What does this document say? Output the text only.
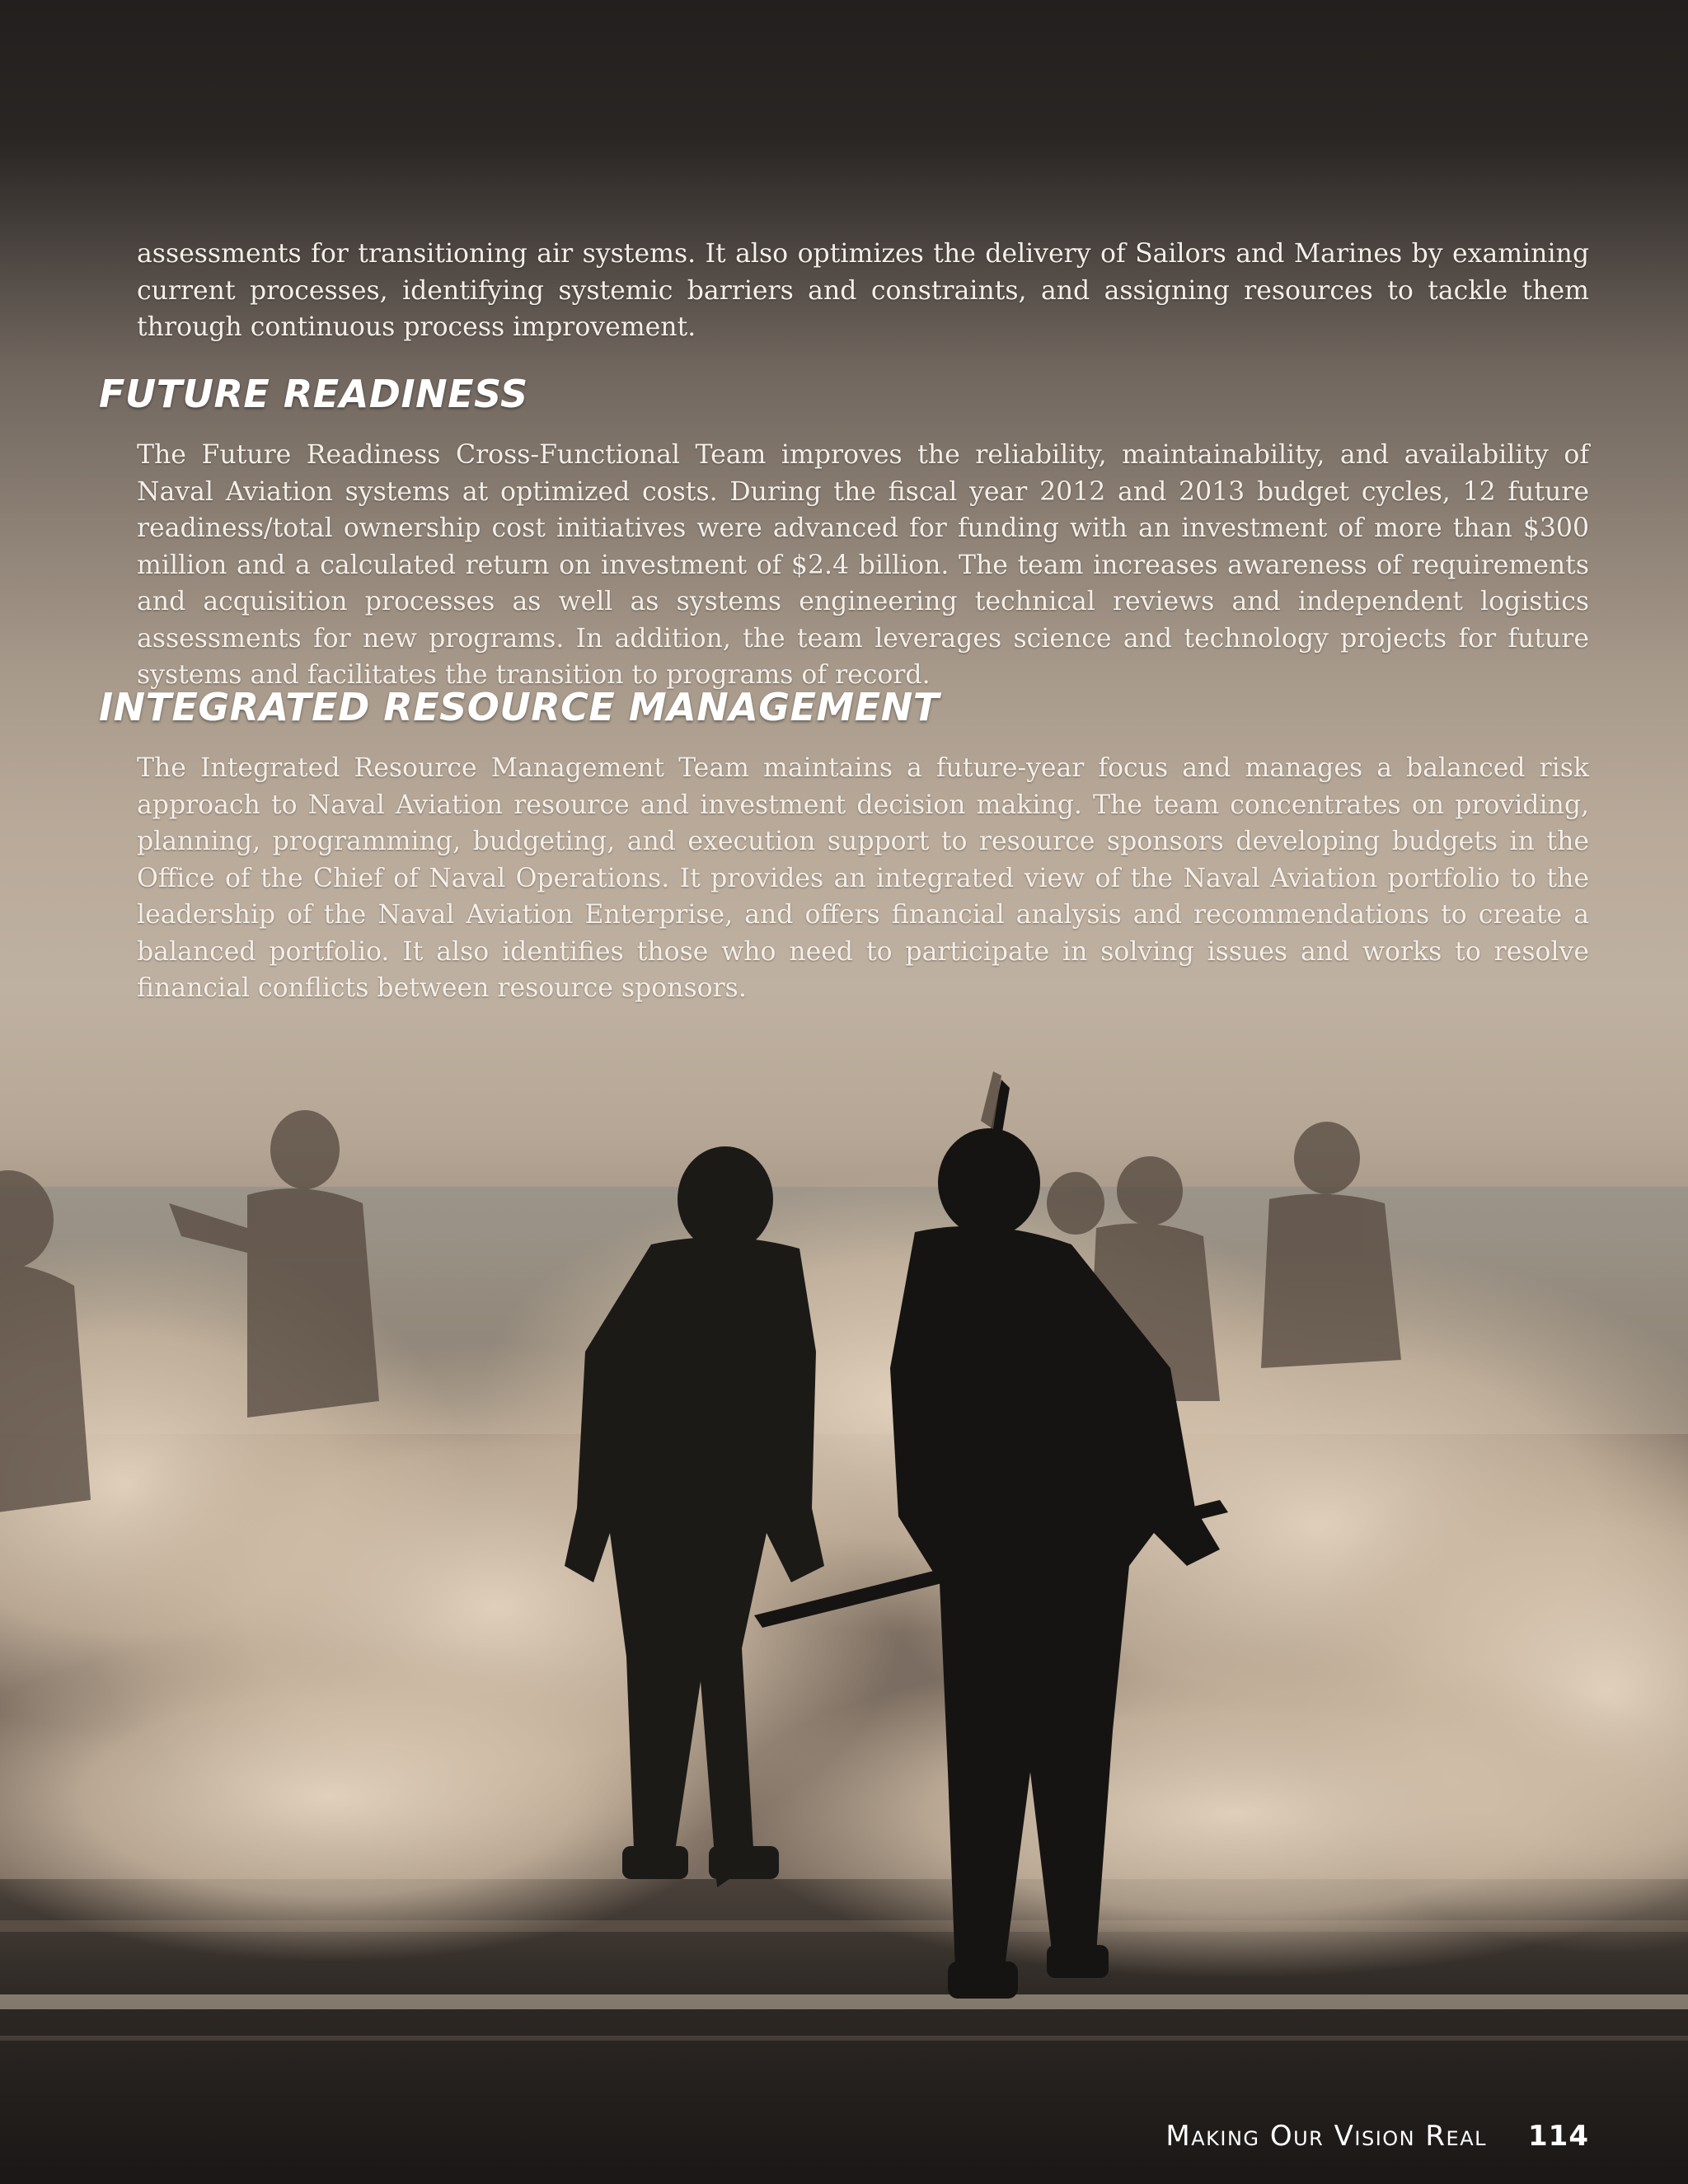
assessments for transitioning air systems. It also optimizes the delivery of Sailors and Marines by examining current processes, identifying systemic barriers and constraints, and assigning resources to tackle them through continuous process improvement.

FUTURE READINESS

The Future Readiness Cross-Functional Team improves the reliability, maintainability, and availability of Naval Aviation systems at optimized costs. During the fiscal year 2012 and 2013 budget cycles, 12 future readiness/total ownership cost initiatives were advanced for funding with an investment of more than $300 million and a calculated return on investment of $2.4 billion. The team increases awareness of requirements and acquisition processes as well as systems engineering technical reviews and independent logistics assessments for new programs. In addition, the team leverages science and technology projects for future systems and facilitates the transition to programs of record.

INTEGRATED RESOURCE MANAGEMENT

The Integrated Resource Management Team maintains a future-year focus and manages a balanced risk approach to Naval Aviation resource and investment decision making. The team concentrates on providing, planning, programming, budgeting, and execution support to resource sponsors developing budgets in the Office of the Chief of Naval Operations. It provides an integrated view of the Naval Aviation portfolio to the leadership of the Naval Aviation Enterprise, and offers financial analysis and recommendations to create a balanced portfolio. It also identifies those who need to participate in solving issues and works to resolve financial conflicts between resource sponsors.

Making Our Vision Real 114
